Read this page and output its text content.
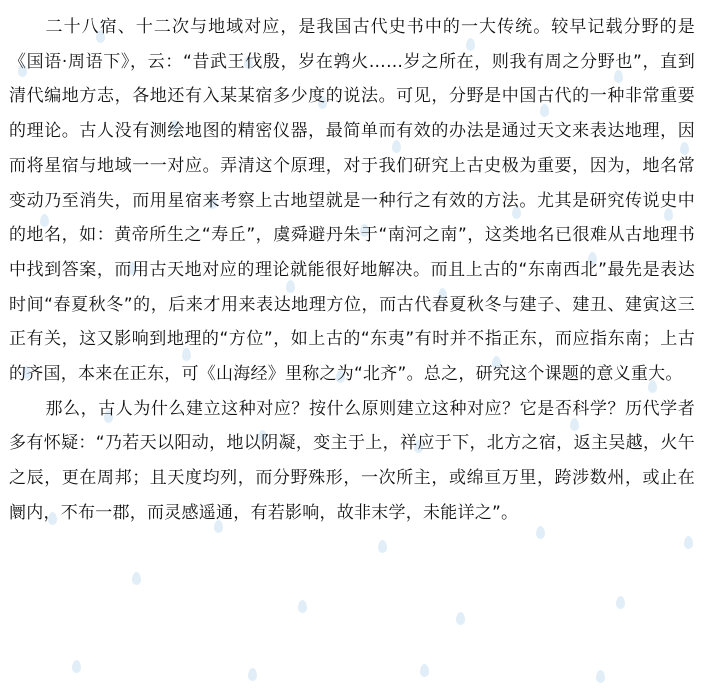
二十八宿、十二次与地域对应，是我国古代史书中的一大传统。较早记载分野的是《国语·周语下》，云：“昔武王伐殷，岁在鹑火……岁之所在，则我有周之分野也”，直到清代编地方志，各地还有入某某宿多少度的说法。可见，分野是中国古代的一种非常重要的理论。古人没有测绘地图的精密仪器，最简单而有效的办法是通过天文来表达地理，因而将星宿与地域一一对应。弄清这个原理，对于我们研究上古史极为重要，因为，地名常变动乃至消失，而用星宿来考察上古地望就是一种行之有效的方法。尤其是研究传说史中的地名，如：黄帝所生之“寿丘”，虞舜避丹朱于“南河之南”，这类地名已很难从古地理书中找到答案，而用古天地对应的理论就能很好地解决。而且上古的“东南西北”最先是表达时间“春夏秋冬”的，后来才用来表达地理方位，而古代春夏秋冬与建子、建丑、建寅这三正有关，这又影响到地理的“方位”，如上古的“东夷”有时并不指正东，而应指东南；上古的齐国，本来在正东，可《山海经》里称之为“北齐”。总之，研究这个课题的意义重大。

那么，古人为什么建立这种对应？按什么原则建立这种对应？它是否科学？历代学者多有怀疑：“乃若天以阳动，地以阴凝，变主于上，祥应于下，北方之宿，返主吴越，火午之辰，更在周邦；且天度均列，而分野殊形，一次所主，或绵亘万里，跨涉数州，或止在阛内，不布一郡，而灵感遥通，有若影响，故非末学，未能详之”。
